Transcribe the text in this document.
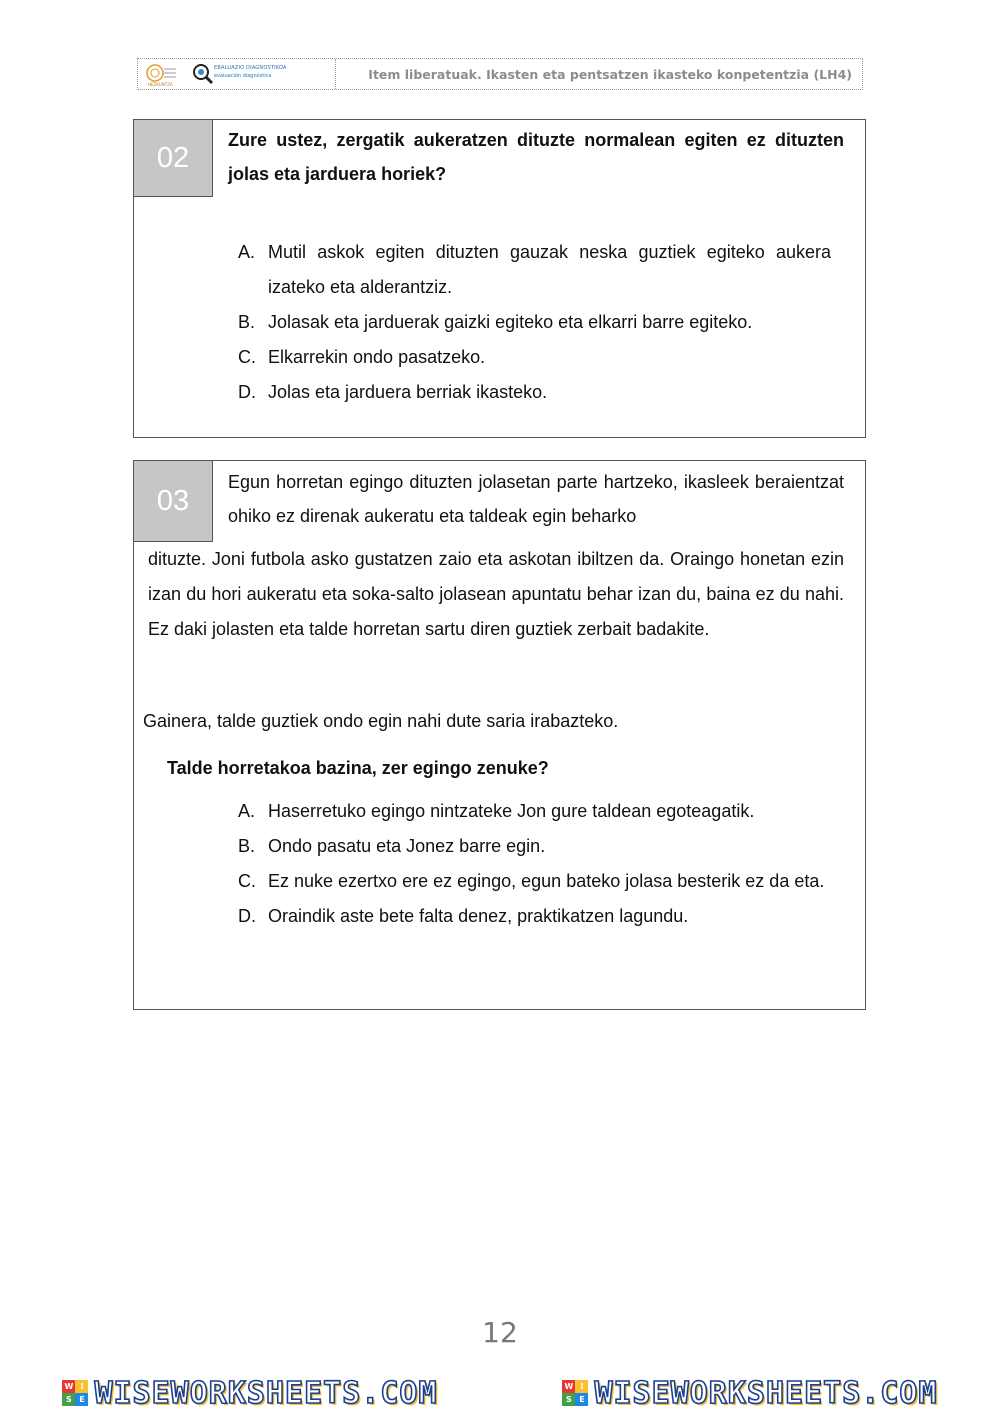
HEZKUNTZA
EBALUAZIO DIAGNOSTIKOA
evaluación diagnóstica	Item liberatuak. Ikasten eta pentsatzen ikasteko konpetentzia (LH4)
02
Zure ustez, zergatik aukeratzen dituzte normalean egiten ez dituzten jolas eta jarduera horiek?
A. Mutil askok egiten dituzten gauzak neska guztiek egiteko aukera izateko eta alderantziz.
B. Jolasak eta jarduerak gaizki egiteko eta elkarri barre egiteko.
C. Elkarrekin ondo pasatzeko.
D. Jolas eta jarduera berriak ikasteko.
03
Egun horretan egingo dituzten jolasetan parte hartzeko, ikasleek beraientzat ohiko ez direnak aukeratu eta taldeak egin beharko
dituzte. Joni futbola asko gustatzen zaio eta askotan ibiltzen da. Oraingo honetan ezin izan du hori aukeratu eta soka-salto jolasean apuntatu behar izan du, baina ez du nahi. Ez daki jolasten eta talde horretan sartu diren guztiek zerbait badakite.
Gainera, talde guztiek ondo egin nahi dute saria irabazteko.
Talde horretakoa bazina, zer egingo zenuke?
A. Haserretuko egingo nintzateke Jon gure taldean egoteagatik.
B. Ondo pasatu eta Jonez barre egin.
C. Ez nuke ezertxo ere ez egingo, egun bateko jolasa besterik ez da eta.
D. Oraindik aste bete falta denez, praktikatzen lagundu.
12
W I
S E WISEWORKSHEETS.COM	W I
S E WISEWORKSHEETS.COM
